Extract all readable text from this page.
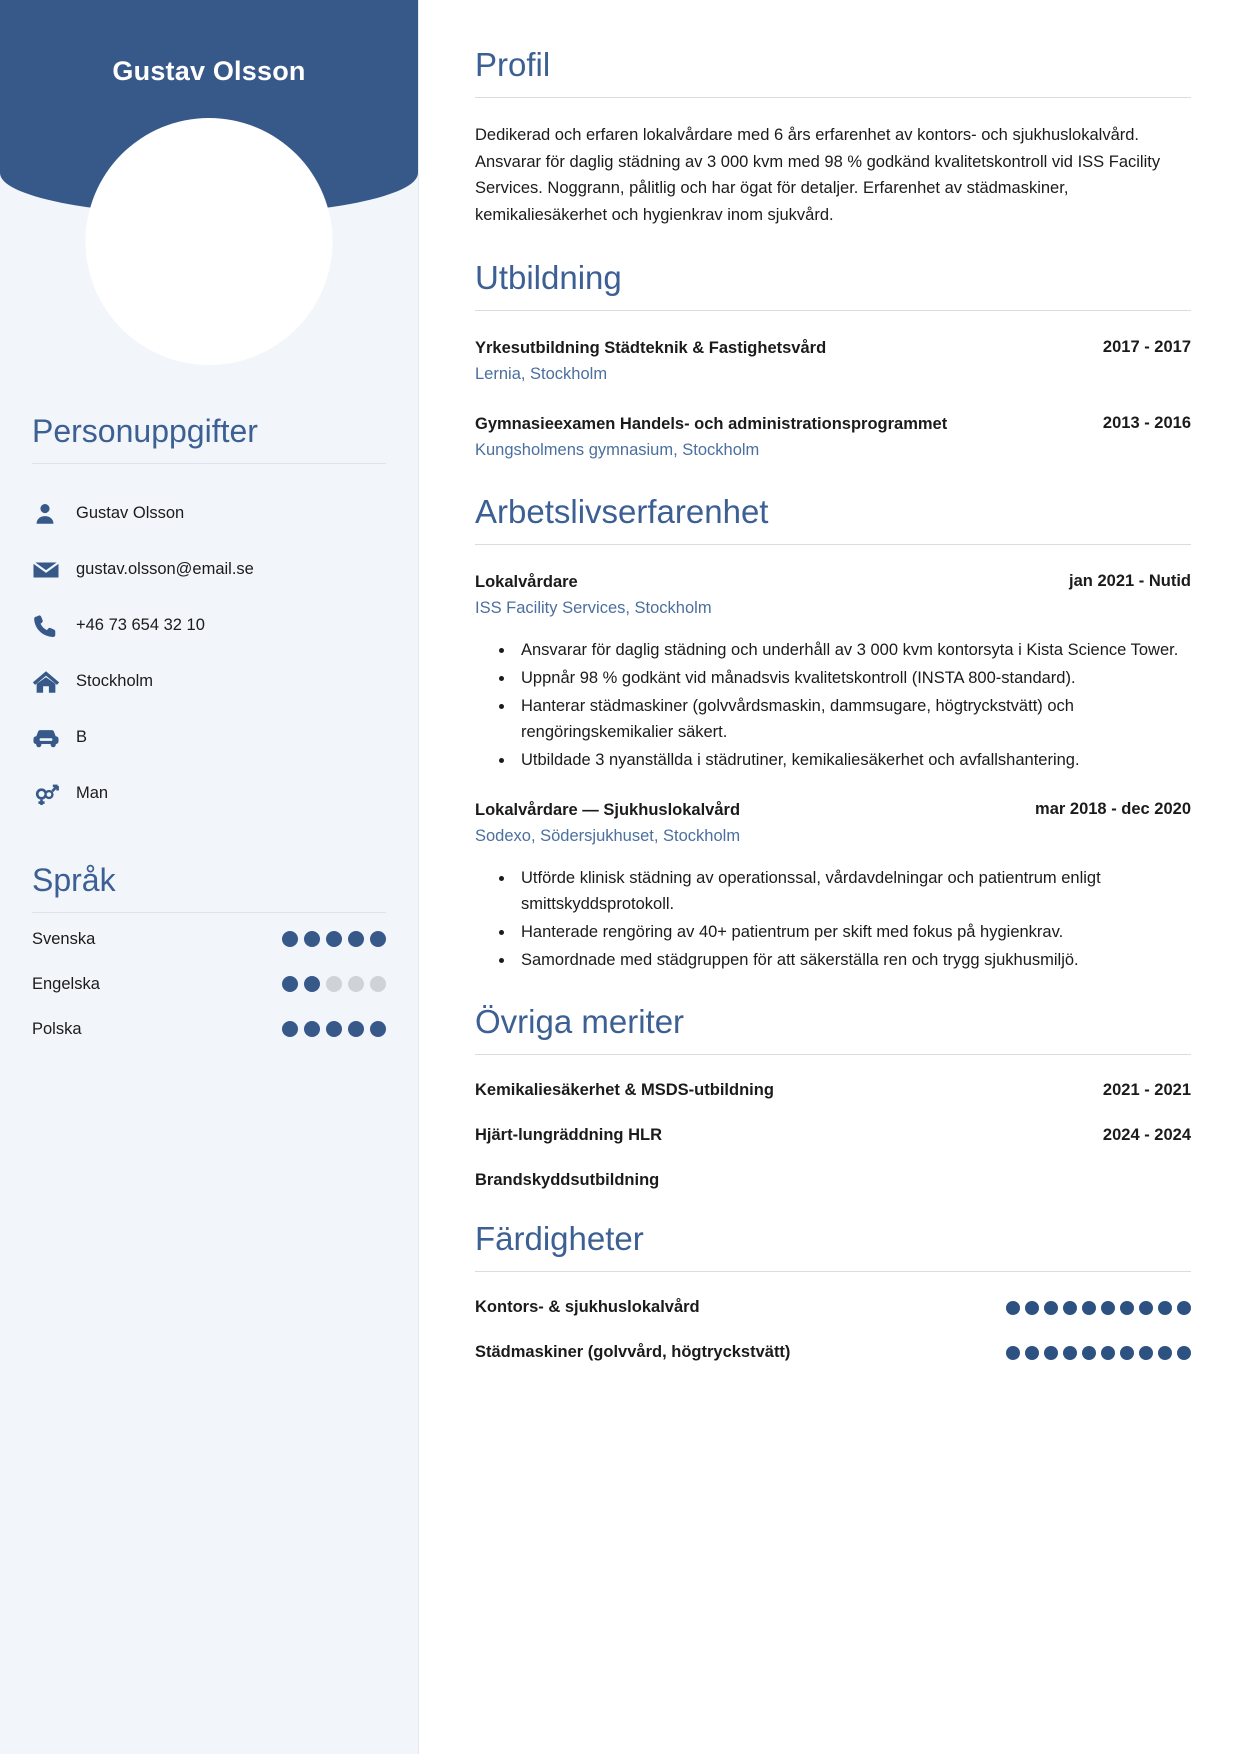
Gustav Olsson
Personuppgifter
Gustav Olsson
gustav.olsson@email.se
+46 73 654 32 10
Stockholm
B
Man
Språk
Svenska
Engelska
Polska
Profil

Dedikerad och erfaren lokalvårdare med 6 års erfarenhet av kontors- och sjukhuslokalvård. Ansvarar för daglig städning av 3 000 kvm med 98 % godkänd kvalitetskontroll vid ISS Facility Services. Noggrann, pålitlig och har ögat för detaljer. Erfarenhet av städmaskiner, kemikaliesäkerhet och hygienkrav inom sjukvård.

Utbildning
Yrkesutbildning Städteknik & Fastighetsvård	2017 - 2017
Lernia, Stockholm
Gymnasieexamen Handels- och administrationsprogrammet	2013 - 2016
Kungsholmens gymnasium, Stockholm
Arbetslivserfarenhet
Lokalvårdare	jan 2021 - Nutid
ISS Facility Services, Stockholm
• Ansvarar för daglig städning och underhåll av 3 000 kvm kontorsyta i Kista Science Tower.
• Uppnår 98 % godkänt vid månadsvis kvalitetskontroll (INSTA 800-standard).
• Hanterar städmaskiner (golvvårdsmaskin, dammsugare, högtryckstvätt) och rengöringskemikalier säkert.
• Utbildade 3 nyanställda i städrutiner, kemikaliesäkerhet och avfallshantering.
Lokalvårdare — Sjukhuslokalvård	mar 2018 - dec 2020
Sodexo, Södersjukhuset, Stockholm
• Utförde klinisk städning av operationssal, vårdavdelningar och patientrum enligt smittskyddsprotokoll.
• Hanterade rengöring av 40+ patientrum per skift med fokus på hygienkrav.
• Samordnade med städgruppen för att säkerställa ren och trygg sjukhusmiljö.
Övriga meriter
Kemikaliesäkerhet & MSDS-utbildning	2021 - 2021
Hjärt-lungräddning HLR	2024 - 2024
Brandskyddsutbildning
Färdigheter
Kontors- & sjukhuslokalvård
Städmaskiner (golvvård, högtryckstvätt)
